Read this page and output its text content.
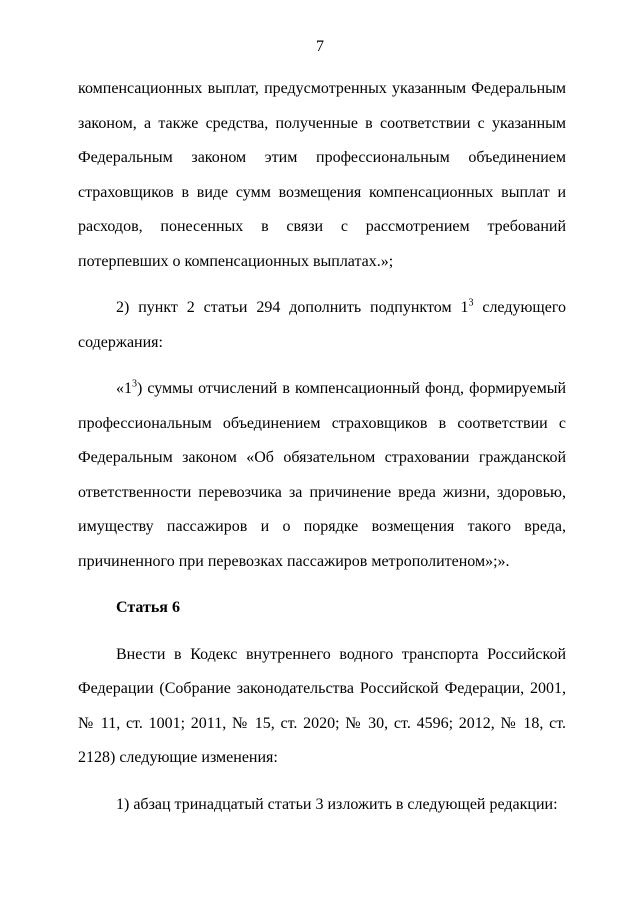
7

компенсационных выплат, предусмотренных указанным Федеральным законом, а также средства, полученные в соответствии с указанным Федеральным законом этим профессиональным объединением страховщиков в виде сумм возмещения компенсационных выплат и расходов, понесенных в связи с рассмотрением требований потерпевших о компенсационных выплатах.»;

2) пункт 2 статьи 294 дополнить подпунктом $1^3$ следующего содержания:

«$1^3$) суммы отчислений в компенсационный фонд, формируемый профессиональным объединением страховщиков в соответствии с Федеральным законом «Об обязательном страховании гражданской ответственности перевозчика за причинение вреда жизни, здоровью, имуществу пассажиров и о порядке возмещения такого вреда, причиненного при перевозках пассажиров метрополитеном»;».

Статья 6

Внести в Кодекс внутреннего водного транспорта Российской Федерации (Собрание законодательства Российской Федерации, 2001, № 11, ст. 1001; 2011, № 15, ст. 2020; № 30, ст. 4596; 2012, № 18, ст. 2128) следующие изменения:

1) абзац тринадцатый статьи 3 изложить в следующей редакции:
